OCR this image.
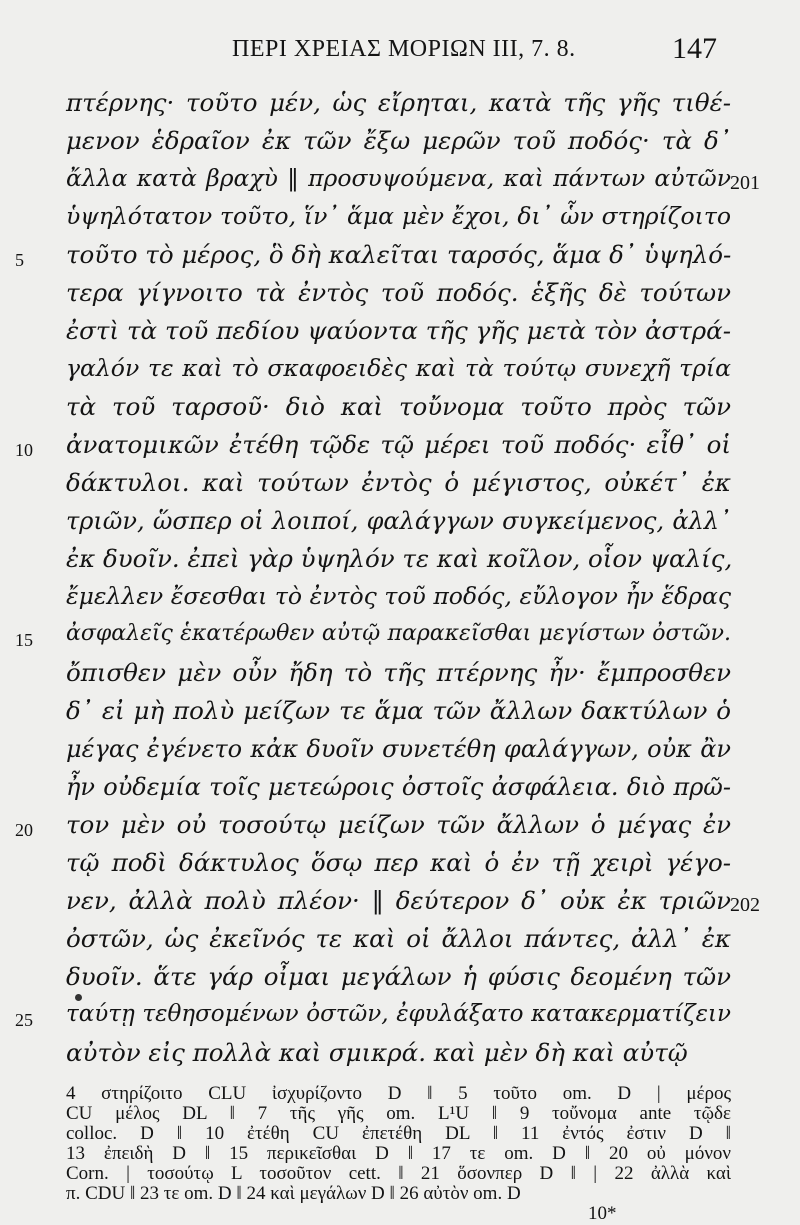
ΠΕΡΙ ΧΡΕΙΑΣ ΜΟΡΙΩΝ III, 7. 8.	147
πτέρνης· τοῦτο μέν, ὡς εἴρηται, κατὰ τῆς γῆς τιθέ-
μενον ἑδραῖον ἐκ τῶν ἔξω μερῶν τοῦ ποδός· τὰ δ᾽
ἄλλα κατὰ βραχὺ ‖ προσυψούμενα, καὶ πάντων αὐτῶν
ὑψηλότατον τοῦτο, ἵν᾽ ἅμα μὲν ἔχοι, δι᾽ ὧν στηρίζοιτο
τοῦτο τὸ μέρος, ὃ δὴ καλεῖται ταρσός, ἅμα δ᾽ ὑψηλό-
τερα γίγνοιτο τὰ ἐντὸς τοῦ ποδός. ἑξῆς δὲ τούτων
ἐστὶ τὰ τοῦ πεδίου ψαύοντα τῆς γῆς μετὰ τὸν ἀστρά-
γαλόν τε καὶ τὸ σκαφοειδὲς καὶ τὰ τούτῳ συνεχῆ τρία
τὰ τοῦ ταρσοῦ· διὸ καὶ τοὔνομα τοῦτο πρὸς τῶν
ἀνατομικῶν ἐτέθη τῷδε τῷ μέρει τοῦ ποδός· εἶθ᾽ οἱ
δάκτυλοι. καὶ τούτων ἐντὸς ὁ μέγιστος, οὐκέτ᾽ ἐκ
τριῶν, ὥσπερ οἱ λοιποί, φαλάγγων συγκείμενος, ἀλλ᾽
ἐκ δυοῖν. ἐπεὶ γὰρ ὑψηλόν τε καὶ κοῖλον, οἷον ψαλίς,
ἔμελλεν ἔσεσθαι τὸ ἐντὸς τοῦ ποδός, εὔλογον ἦν ἕδρας
ἀσφαλεῖς ἑκατέρωθεν αὐτῷ παρακεῖσθαι μεγίστων ὀστῶν.
ὄπισθεν μὲν οὖν ἤδη τὸ τῆς πτέρνης ἦν· ἔμπροσθεν
δ᾽ εἰ μὴ πολὺ μείζων τε ἅμα τῶν ἄλλων δακτύλων ὁ
μέγας ἐγένετο κἀκ δυοῖν συνετέθη φαλάγγων, οὐκ ἂν
ἦν οὐδεμία τοῖς μετεώροις ὀστοῖς ἀσφάλεια. διὸ πρῶ-
τον μὲν οὐ τοσούτῳ μείζων τῶν ἄλλων ὁ μέγας ἐν
τῷ ποδὶ δάκτυλος ὅσῳ περ καὶ ὁ ἐν τῇ χειρὶ γέγο-
νεν, ἀλλὰ πολὺ πλέον· ‖ δεύτερον δ᾽ οὐκ ἐκ τριῶν
ὀστῶν, ὡς ἐκεῖνός τε καὶ οἱ ἄλλοι πάντες, ἀλλ᾽ ἐκ
δυοῖν. ἅτε γάρ οἶμαι μεγάλων ἡ φύσις δεομένη τῶν
ταύτῃ τεθησομένων ὀστῶν, ἐφυλάξατο κατακερματίζειν
αὐτὸν εἰς πολλὰ καὶ σμικρά. καὶ μὲν δὴ καὶ αὐτῷ
5
10
15
20
25
201
202
4 στηρίζοιτο CLU ἰσχυρίζοντο D ‖ 5 τοῦτο om. D | μέρος
CU μέλος DL ‖ 7 τῆς γῆς om. L¹U ‖ 9 τοὔνομα ante τῷδε
colloc. D ‖ 10 ἐτέθη CU ἐπετέθη DL ‖ 11 ἐντός ἐστιν D ‖
13 ἐπειδὴ D ‖ 15 περικεῖσθαι D ‖ 17 τε om. D ‖ 20 οὐ μόνον
Corn. | τοσούτῳ L τοσοῦτον cett. ‖ 21 ὅσονπερ D ‖ | 22 ἀλλὰ καὶ
π. CDU ‖ 23 τε om. D ‖ 24 καὶ μεγάλων D ‖ 26 αὐτὸν om. D
10*
